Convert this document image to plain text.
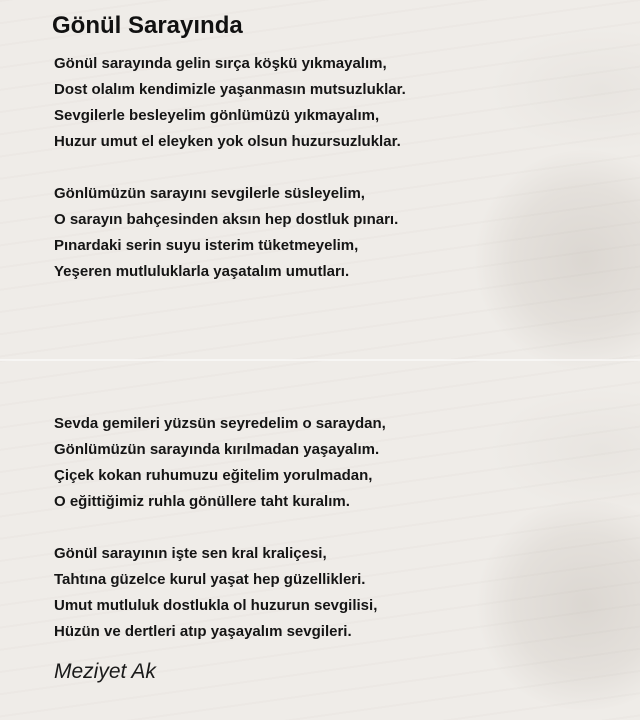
Gönül Sarayında
Gönül sarayında gelin sırça köşkü yıkmayalım,
Dost olalım kendimizle yaşanmasın mutsuzluklar.
Sevgilerle besleyelim gönlümüzü yıkmayalım,
Huzur umut el eleyken yok olsun huzursuzluklar.
Gönlümüzün sarayını sevgilerle süsleyelim,
O sarayın bahçesinden aksın hep dostluk pınarı.
Pınardaki serin suyu isterim tüketmeyelim,
Yeşeren mutluluklarla yaşatalım umutları.
Sevda gemileri yüzsün seyredelim o saraydan,
Gönlümüzün sarayında kırılmadan yaşayalım.
Çiçek kokan ruhumuzu eğitelim yorulmadan,
O eğittiğimiz ruhla gönüllere taht kuralım.
Gönül sarayının işte sen kral kraliçesi,
Tahtına güzelce kurul yaşat hep güzellikleri.
Umut mutluluk dostlukla ol huzurun sevgilisi,
Hüzün ve dertleri atıp yaşayalım sevgileri.

Meziyet Ak
